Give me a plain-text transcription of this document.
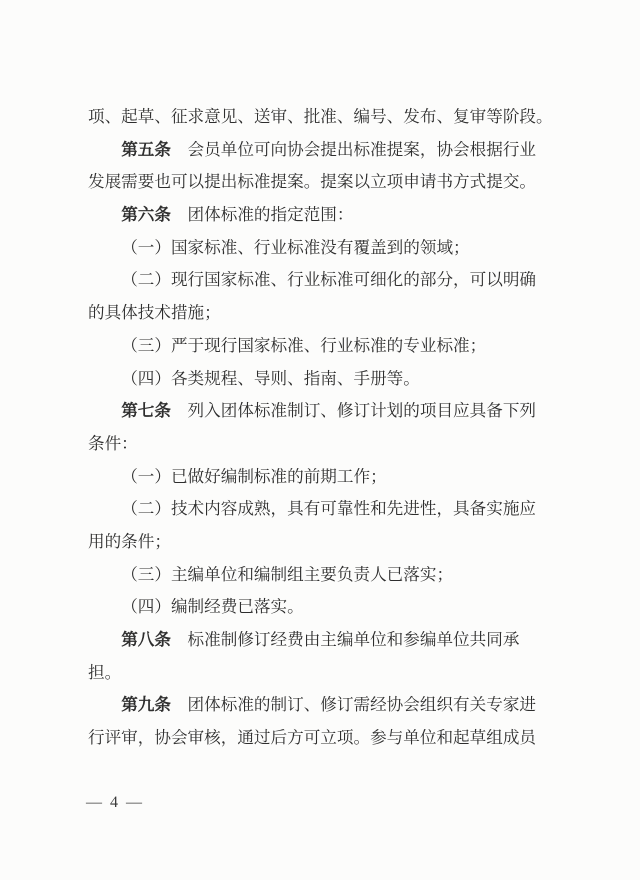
项、起草、征求意见、送审、批准、编号、发布、复审等阶段。
第五条　会员单位可向协会提出标准提案，协会根据行业
发展需要也可以提出标准提案。提案以立项申请书方式提交。
第六条　团体标准的指定范围：
（一）国家标准、行业标准没有覆盖到的领域；
（二）现行国家标准、行业标准可细化的部分，可以明确
的具体技术措施；
（三）严于现行国家标准、行业标准的专业标准；
（四）各类规程、导则、指南、手册等。
第七条　列入团体标准制订、修订计划的项目应具备下列
条件：
（一）已做好编制标准的前期工作；
（二）技术内容成熟，具有可靠性和先进性，具备实施应
用的条件；
（三）主编单位和编制组主要负责人已落实；
（四）编制经费已落实。
第八条　标准制修订经费由主编单位和参编单位共同承
担。
第九条　团体标准的制订、修订需经协会组织有关专家进
行评审，协会审核，通过后方可立项。参与单位和起草组成员
— 4 —
